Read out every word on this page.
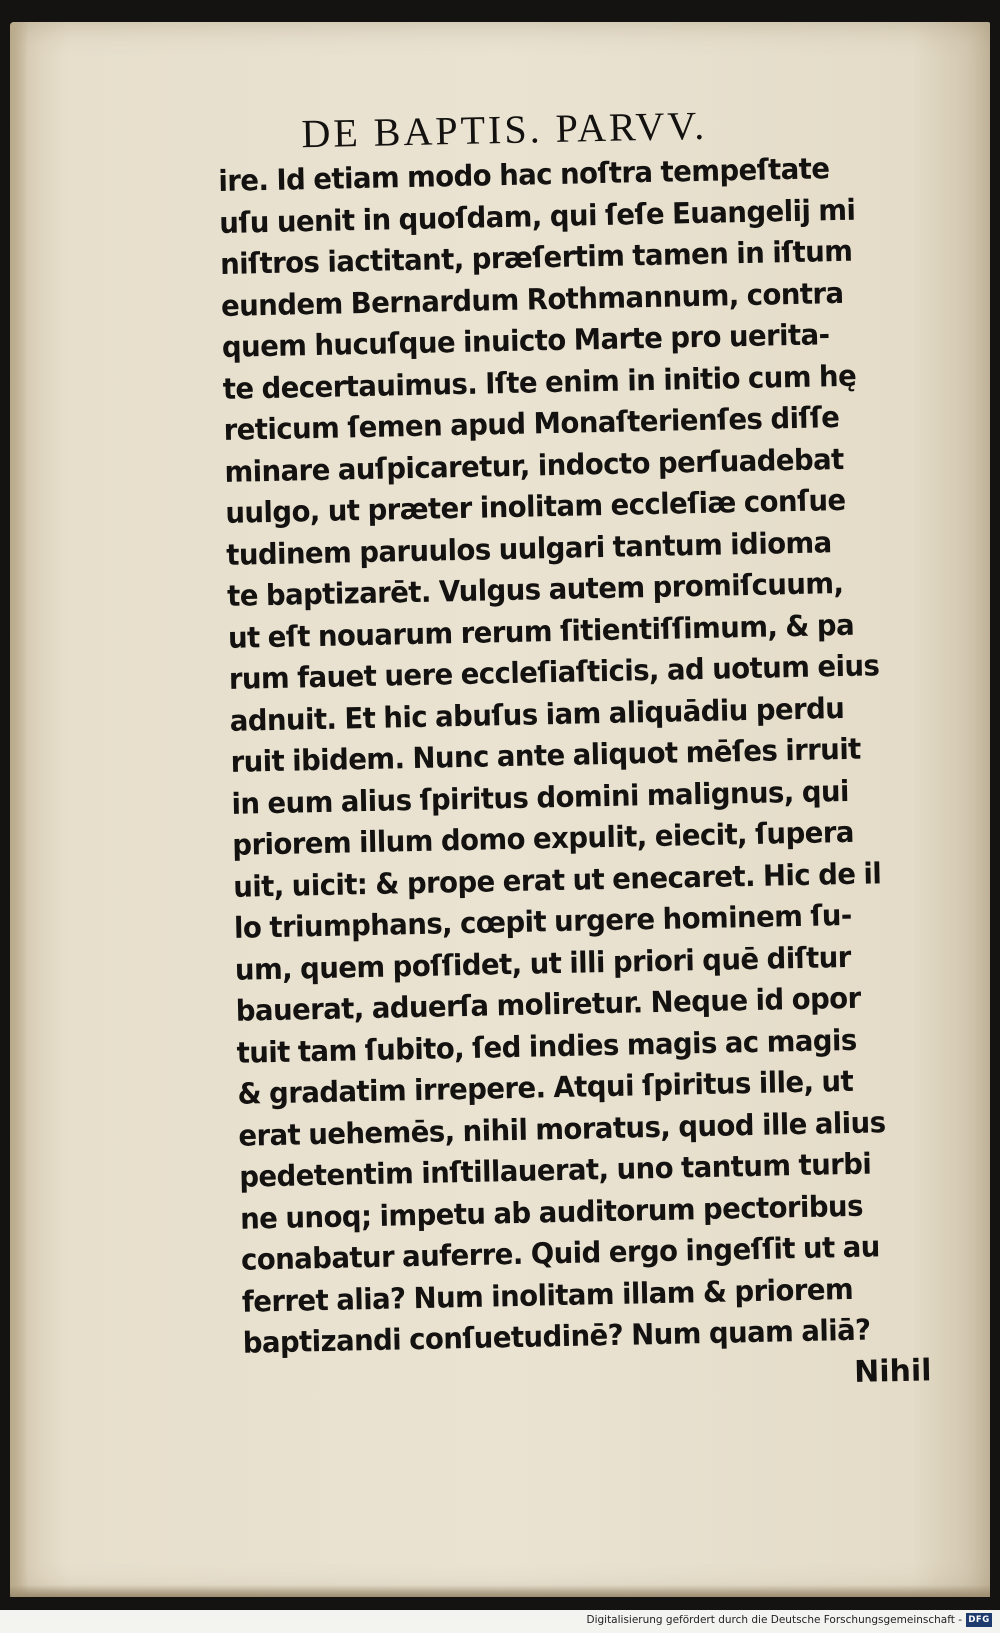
DE BAPTIS. PARVV.
ire. Id etiam modo hac noſtra tempeſtate
uſu uenit in quoſdam, qui ſeſe Euangelij mi
niſtros iactitant, præſertim tamen in iſtum
eundem Bernardum Rothmannum, contra
quem hucuſque inuicto Marte pro uerita-
te decertauimus. Iſte enim in initio cum hę
reticum ſemen apud Monaſterienſes diſſe
minare auſpicaretur, indocto perſuadebat
uulgo, ut præter inolitam eccleſiæ conſue
tudinem paruulos uulgari tantum idioma
te baptizarēt. Vulgus autem promiſcuum,
ut eſt nouarum rerum ſitientiſſimum, & pa
rum fauet uere eccleſiaſticis, ad uotum eius
adnuit. Et hic abuſus iam aliquādiu perdu
ruit ibidem. Nunc ante aliquot mēſes irruit
in eum alius ſpiritus domini malignus, qui
priorem illum domo expulit, eiecit, ſupera
uit, uicit: & prope erat ut enecaret. Hic de il
lo triumphans, cœpit urgere hominem ſu-
um, quem poſſidet, ut illi priori quē diſtur
bauerat, aduerſa moliretur. Neque id opor
tuit tam ſubito, ſed indies magis ac magis
& gradatim irrepere. Atqui ſpiritus ille, ut
erat uehemēs, nihil moratus, quod ille alius
pedetentim inſtillauerat, uno tantum turbi
ne unoq; impetu ab auditorum pectoribus
conabatur auferre. Quid ergo ingeſſit ut au
ferret alia? Num inolitam illam & priorem
baptizandi conſuetudinē? Num quam aliā?
Nihil
Digitalisierung gefördert durch die Deutsche Forschungsgemeinschaft - DFG
